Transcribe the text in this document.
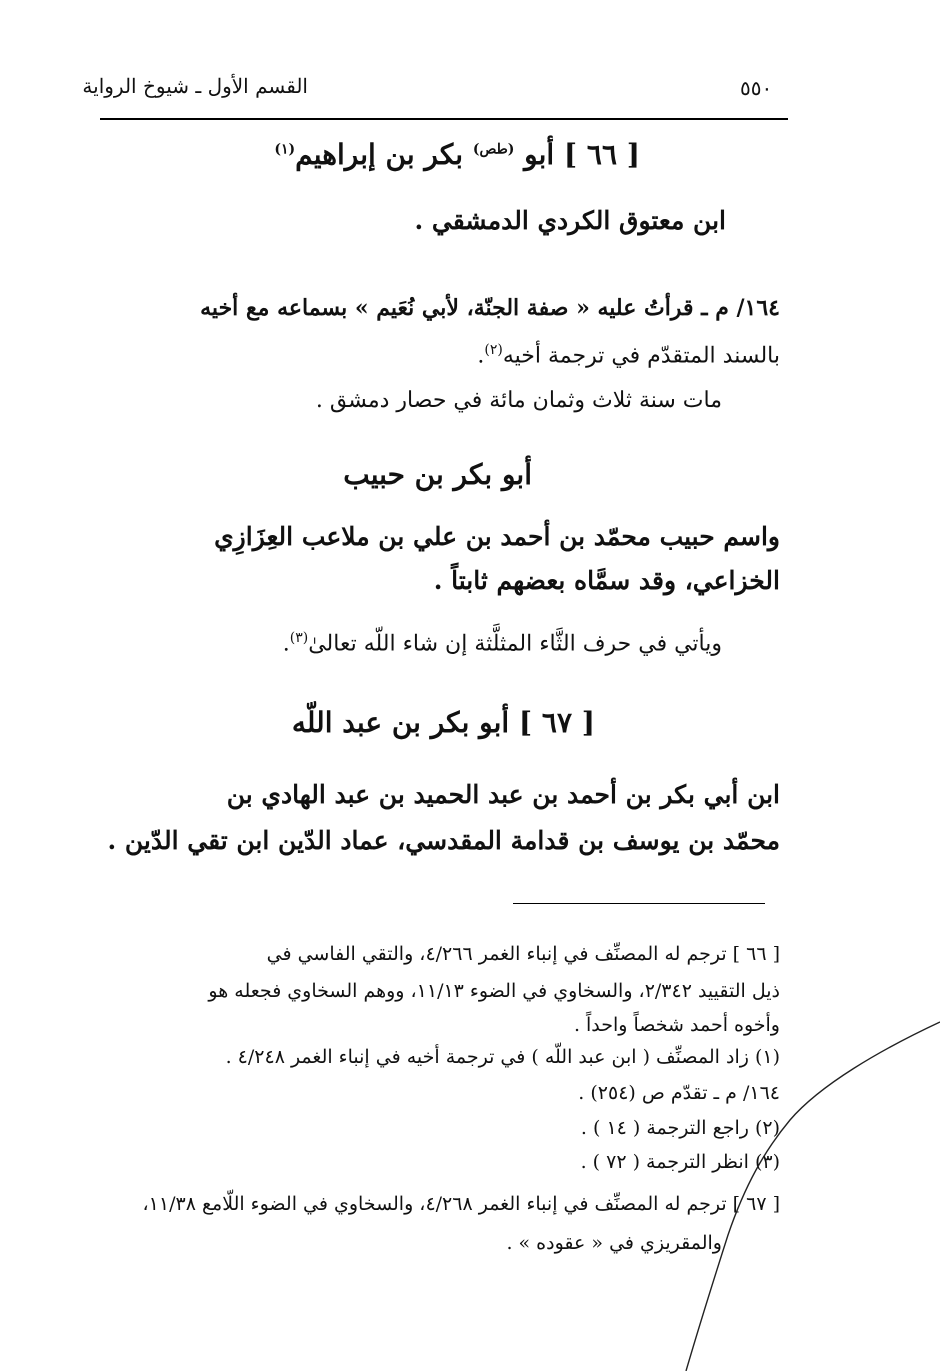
القسم الأول ـ شيوخ الرواية	٥٥٠
[ ٦٦ ] أبو $^{(طص)}$ بكر بن إبراهيم$^{(١)}$
ابن معتوق الكردي الدمشقي .
١٦٤/ م ـ قرأتُ عليه « صفة الجنّة، لأبي نُعَيم » بسماعه مع أخيه
بالسند المتقدّم في ترجمة أخيه$^{(٢)}$.
مات سنة ثلاث وثمان مائة في حصار دمشق .
أبو بكر بن حبيب
واسم حبيب محمّد بن أحمد بن علي بن ملاعب العِزَازِي
الخزاعي، وقد سمَّاه بعضهم ثابتاً .
ويأتي في حرف الثَّاء المثلَّثة إن شاء اللّه تعالىٰ$^{(٣)}$.
[ ٦٧ ] أبو بكر بن عبد اللّه
ابن أبي بكر بن أحمد بن عبد الحميد بن عبد الهادي بن
محمّد بن يوسف بن قدامة المقدسي، عماد الدّين ابن تقي الدّين .
[ ٦٦ ] ترجم له المصنِّف في إنباء الغمر ٤/٢٦٦، والتقي الفاسي في
ذيل التقييد ٢/٣٤٢، والسخاوي في الضوء ١١/١٣، ووهم السخاوي فجعله هو
وأخوه أحمد شخصاً واحداً .
(١) زاد المصنِّف ( ابن عبد اللّه ) في ترجمة أخيه في إنباء الغمر ٤/٢٤٨ .
١٦٤/ م ـ تقدّم ص (٢٥٤) .
(٢) راجع الترجمة ( ١٤ ) .
(٣) انظر الترجمة ( ٧٢ ) .
[ ٦٧ ] ترجم له المصنِّف في إنباء الغمر ٤/٢٦٨، والسخاوي في الضوء اللّامع ١١/٣٨،
والمقريزي في « عقوده » .
